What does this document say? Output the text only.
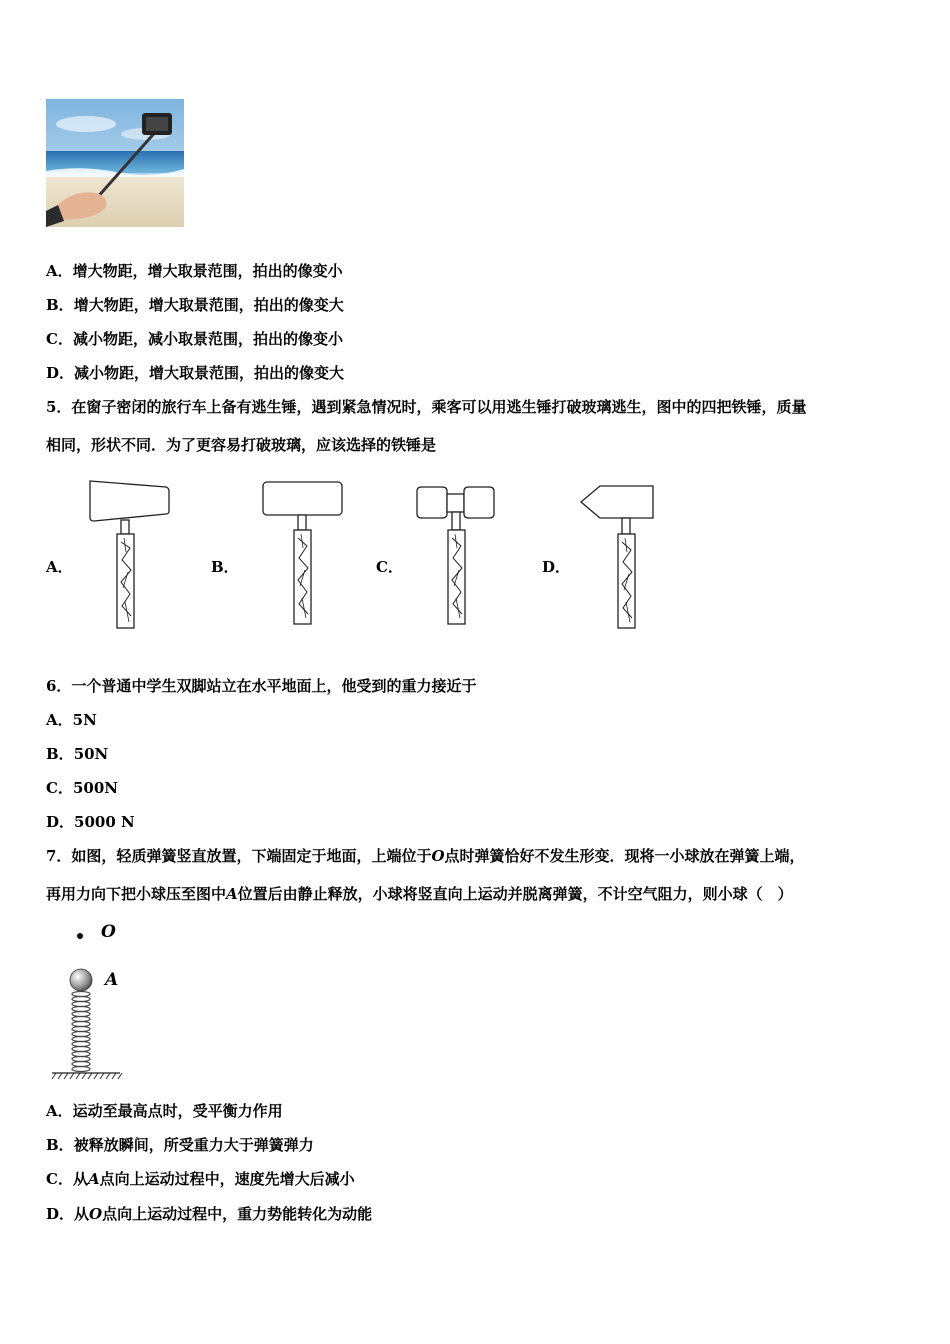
A．增大物距，增大取景范围，拍出的像变小
B．增大物距，增大取景范围，拍出的像变大
C．减小物距，减小取景范围，拍出的像变小
D．减小物距，增大取景范围，拍出的像变大
5．在窗子密闭的旅行车上备有逃生锤，遇到紧急情况时，乘客可以用逃生锤打破玻璃逃生，图中的四把铁锤，质量
相同，形状不同．为了更容易打破玻璃，应该选择的铁锤是
A．	B．	C．	D．
6．一个普通中学生双脚站立在水平地面上，他受到的重力接近于
A．5N
B．50N
C．500N
D．5000 N
7．如图，轻质弹簧竖直放置，下端固定于地面，上端位于O点时弹簧恰好不发生形变．现将一小球放在弹簧上端，
再用力向下把小球压至图中A位置后由静止释放，小球将竖直向上运动并脱离弹簧，不计空气阻力，则小球（　）
O
A
A．运动至最高点时，受平衡力作用
B．被释放瞬间，所受重力大于弹簧弹力
C．从A点向上运动过程中，速度先增大后减小
D．从O点向上运动过程中，重力势能转化为动能
